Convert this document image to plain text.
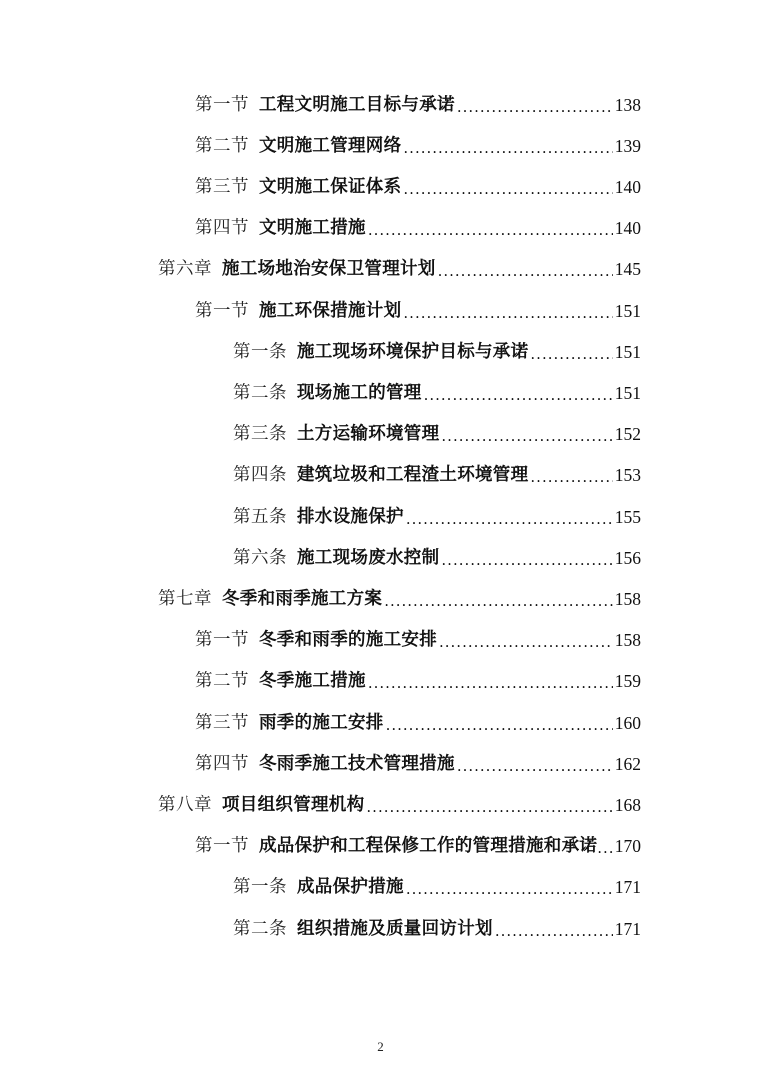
第一节 工程文明施工目标与承诺 .....	138
第二节 文明施工管理网络 .....	139
第三节 文明施工保证体系 .....	140
第四节 文明施工措施 .....	140
第六章 施工场地治安保卫管理计划 .....	145
第一节 施工环保措施计划 .....	151
第一条 施工现场环境保护目标与承诺 .....	151
第二条 现场施工的管理 .....	151
第三条 土方运输环境管理 .....	152
第四条 建筑垃圾和工程渣土环境管理 .....	153
第五条 排水设施保护 .....	155
第六条 施工现场废水控制 .....	156
第七章 冬季和雨季施工方案 .....	158
第一节 冬季和雨季的施工安排 .....	158
第二节 冬季施工措施 .....	159
第三节 雨季的施工安排 .....	160
第四节 冬雨季施工技术管理措施 .....	162
第八章 项目组织管理机构 .....	168
第一节 成品保护和工程保修工作的管理措施和承诺 ..... 170
第一条 成品保护措施 .....	171
第二条 组织措施及质量回访计划 .....	171
2
